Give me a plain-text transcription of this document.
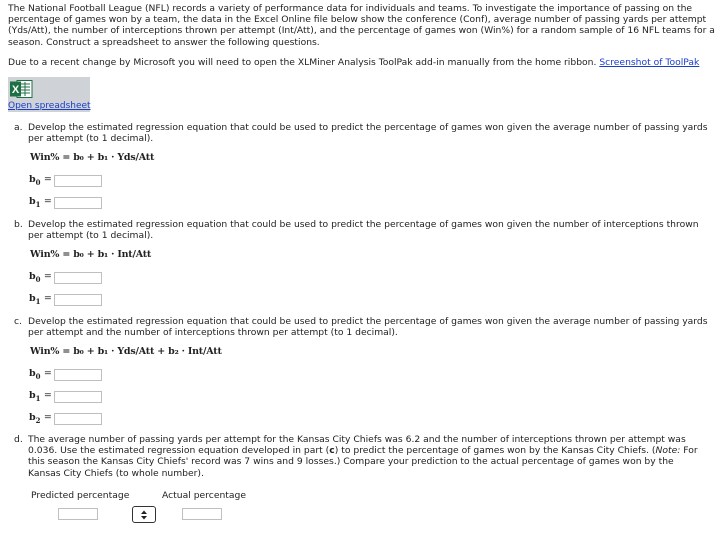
The National Football League (NFL) records a variety of performance data for individuals and teams. To investigate the importance of passing on the percentage of games won by a team, the data in the Excel Online file below show the conference (Conf), average number of passing yards per attempt (Yds/Att), the number of interceptions thrown per attempt (Int/Att), and the percentage of games won (Win%) for a random sample of 16 NFL teams for a season. Construct a spreadsheet to answer the following questions.
Due to a recent change by Microsoft you will need to open the XLMiner Analysis ToolPak add-in manually from the home ribbon. Screenshot of ToolPak
X
Open spreadsheet
a. Develop the estimated regression equation that could be used to predict the percentage of games won given the average number of passing yards per attempt (to 1 decimal).
Win% = b₀ + b₁ · Yds/Att
$b_0$ =
$b_1$ =
b. Develop the estimated regression equation that could be used to predict the percentage of games won given the number of interceptions thrown per attempt (to 1 decimal).
Win% = b₀ + b₁ · Int/Att
$b_0$ =
$b_1$ =
c. Develop the estimated regression equation that could be used to predict the percentage of games won given the average number of passing yards per attempt and the number of interceptions thrown per attempt (to 1 decimal).
Win% = b₀ + b₁ · Yds/Att + b₂ · Int/Att
$b_0$ =
$b_1$ =
$b_2$ =
d. The average number of passing yards per attempt for the Kansas City Chiefs was 6.2 and the number of interceptions thrown per attempt was 0.036. Use the estimated regression equation developed in part (c) to predict the percentage of games won by the Kansas City Chiefs. (Note: For this season the Kansas City Chiefs' record was 7 wins and 9 losses.) Compare your prediction to the actual percentage of games won by the Kansas City Chiefs (to whole number).
Predicted percentage	Actual percentage
